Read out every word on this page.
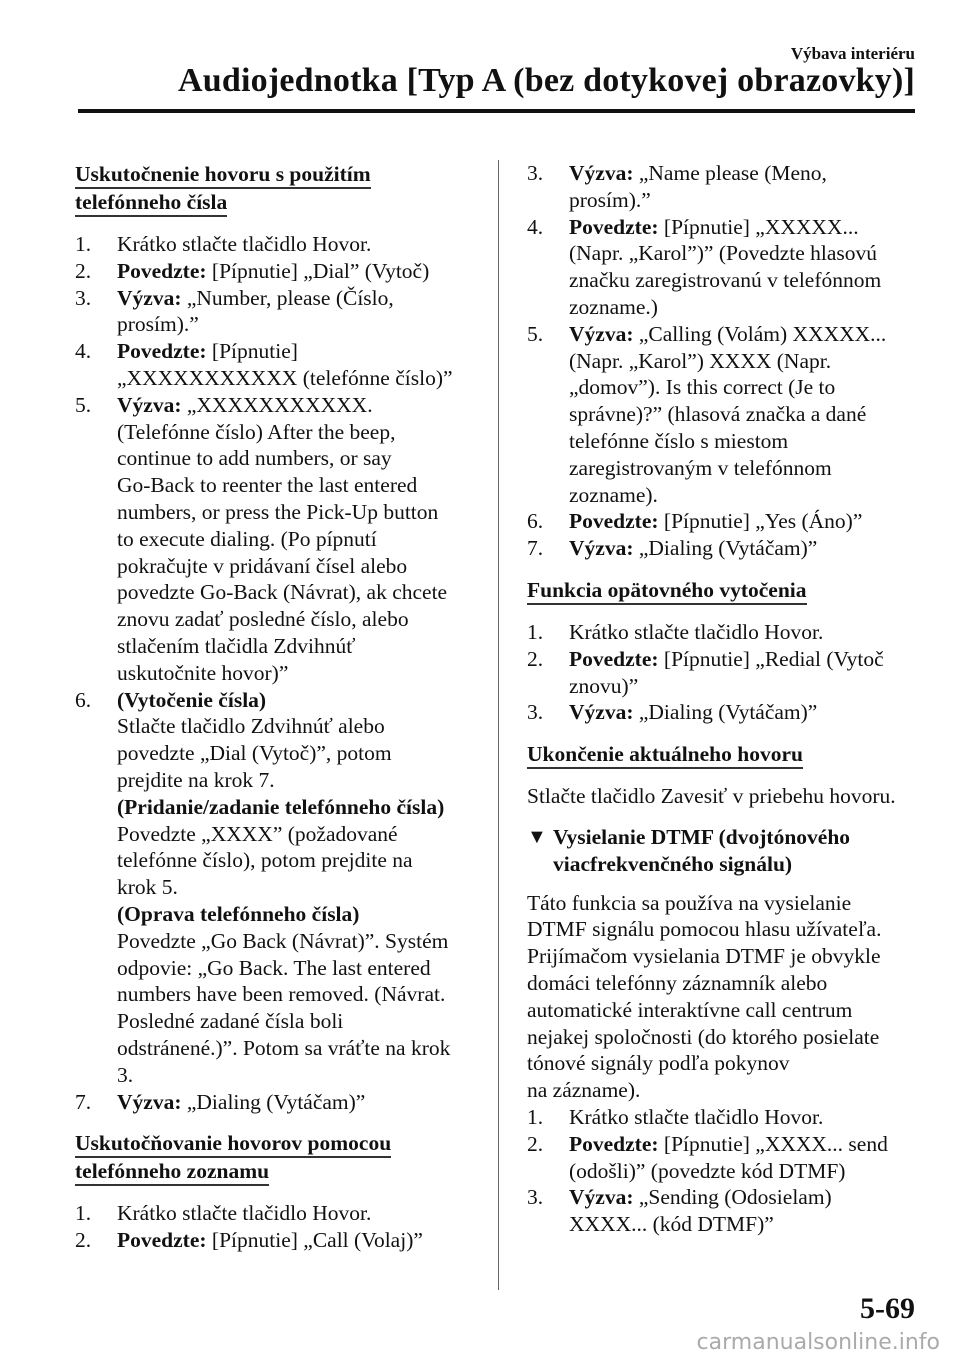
Výbava interiéru
Audiojednotka [Typ A (bez dotykovej obrazovky)]
Uskutočnenie hovoru s použitím
telefónneho čísla
1.	Krátko stlačte tlačidlo Hovor.
2.	Povedzte: [Pípnutie] „Dial” (Vytoč)
3.	Výzva: „Number, please (Číslo,
prosím).”
4.	Povedzte: [Pípnutie]
„XXXXXXXXXXX (telefónne číslo)”
5.	Výzva: „XXXXXXXXXXX.
(Telefónne číslo) After the beep,
continue to add numbers, or say
Go-Back to reenter the last entered
numbers, or press the Pick-Up button
to execute dialing. (Po pípnutí
pokračujte v pridávaní čísel alebo
povedzte Go-Back (Návrat), ak chcete
znovu zadať posledné číslo, alebo
stlačením tlačidla Zdvihnúť
uskutočnite hovor)”
6.	(Vytočenie čísla)
Stlačte tlačidlo Zdvihnúť alebo
povedzte „Dial (Vytoč)”, potom
prejdite na krok 7.
(Pridanie/zadanie telefónneho čísla)
Povedzte „XXXX” (požadované
telefónne číslo), potom prejdite na
krok 5.
(Oprava telefónneho čísla)
Povedzte „Go Back (Návrat)”. Systém
odpovie: „Go Back. The last entered
numbers have been removed. (Návrat.
Posledné zadané čísla boli
odstránené.)”. Potom sa vráťte na krok
3.
7.	Výzva: „Dialing (Vytáčam)”
Uskutočňovanie hovorov pomocou
telefónneho zoznamu
1.	Krátko stlačte tlačidlo Hovor.
2.	Povedzte: [Pípnutie] „Call (Volaj)”
3.	Výzva: „Name please (Meno,
prosím).”
4.	Povedzte: [Pípnutie] „XXXXX...
(Napr. „Karol”)” (Povedzte hlasovú
značku zaregistrovanú v telefónnom
zozname.)
5.	Výzva: „Calling (Volám) XXXXX...
(Napr. „Karol”) XXXX (Napr.
„domov”). Is this correct (Je to
správne)?” (hlasová značka a dané
telefónne číslo s miestom
zaregistrovaným v telefónnom
zozname).
6.	Povedzte: [Pípnutie] „Yes (Áno)”
7.	Výzva: „Dialing (Vytáčam)”
Funkcia opätovného vytočenia
1.	Krátko stlačte tlačidlo Hovor.
2.	Povedzte: [Pípnutie] „Redial (Vytoč
znovu)”
3.	Výzva: „Dialing (Vytáčam)”
Ukončenie aktuálneho hovoru
Stlačte tlačidlo Zavesiť v priebehu hovoru.
▼ Vysielanie DTMF (dvojtónového
viacfrekvenčného signálu)
Táto funkcia sa používa na vysielanie
DTMF signálu pomocou hlasu užívateľa.
Prijímačom vysielania DTMF je obvykle
domáci telefónny záznamník alebo
automatické interaktívne call centrum
nejakej spoločnosti (do ktorého posielate
tónové signály podľa pokynov
na zázname).
1.	Krátko stlačte tlačidlo Hovor.
2.	Povedzte: [Pípnutie] „XXXX... send
(odošli)” (povedzte kód DTMF)
3.	Výzva: „Sending (Odosielam)
XXXX... (kód DTMF)”
5-69
carmanualsonline.info
